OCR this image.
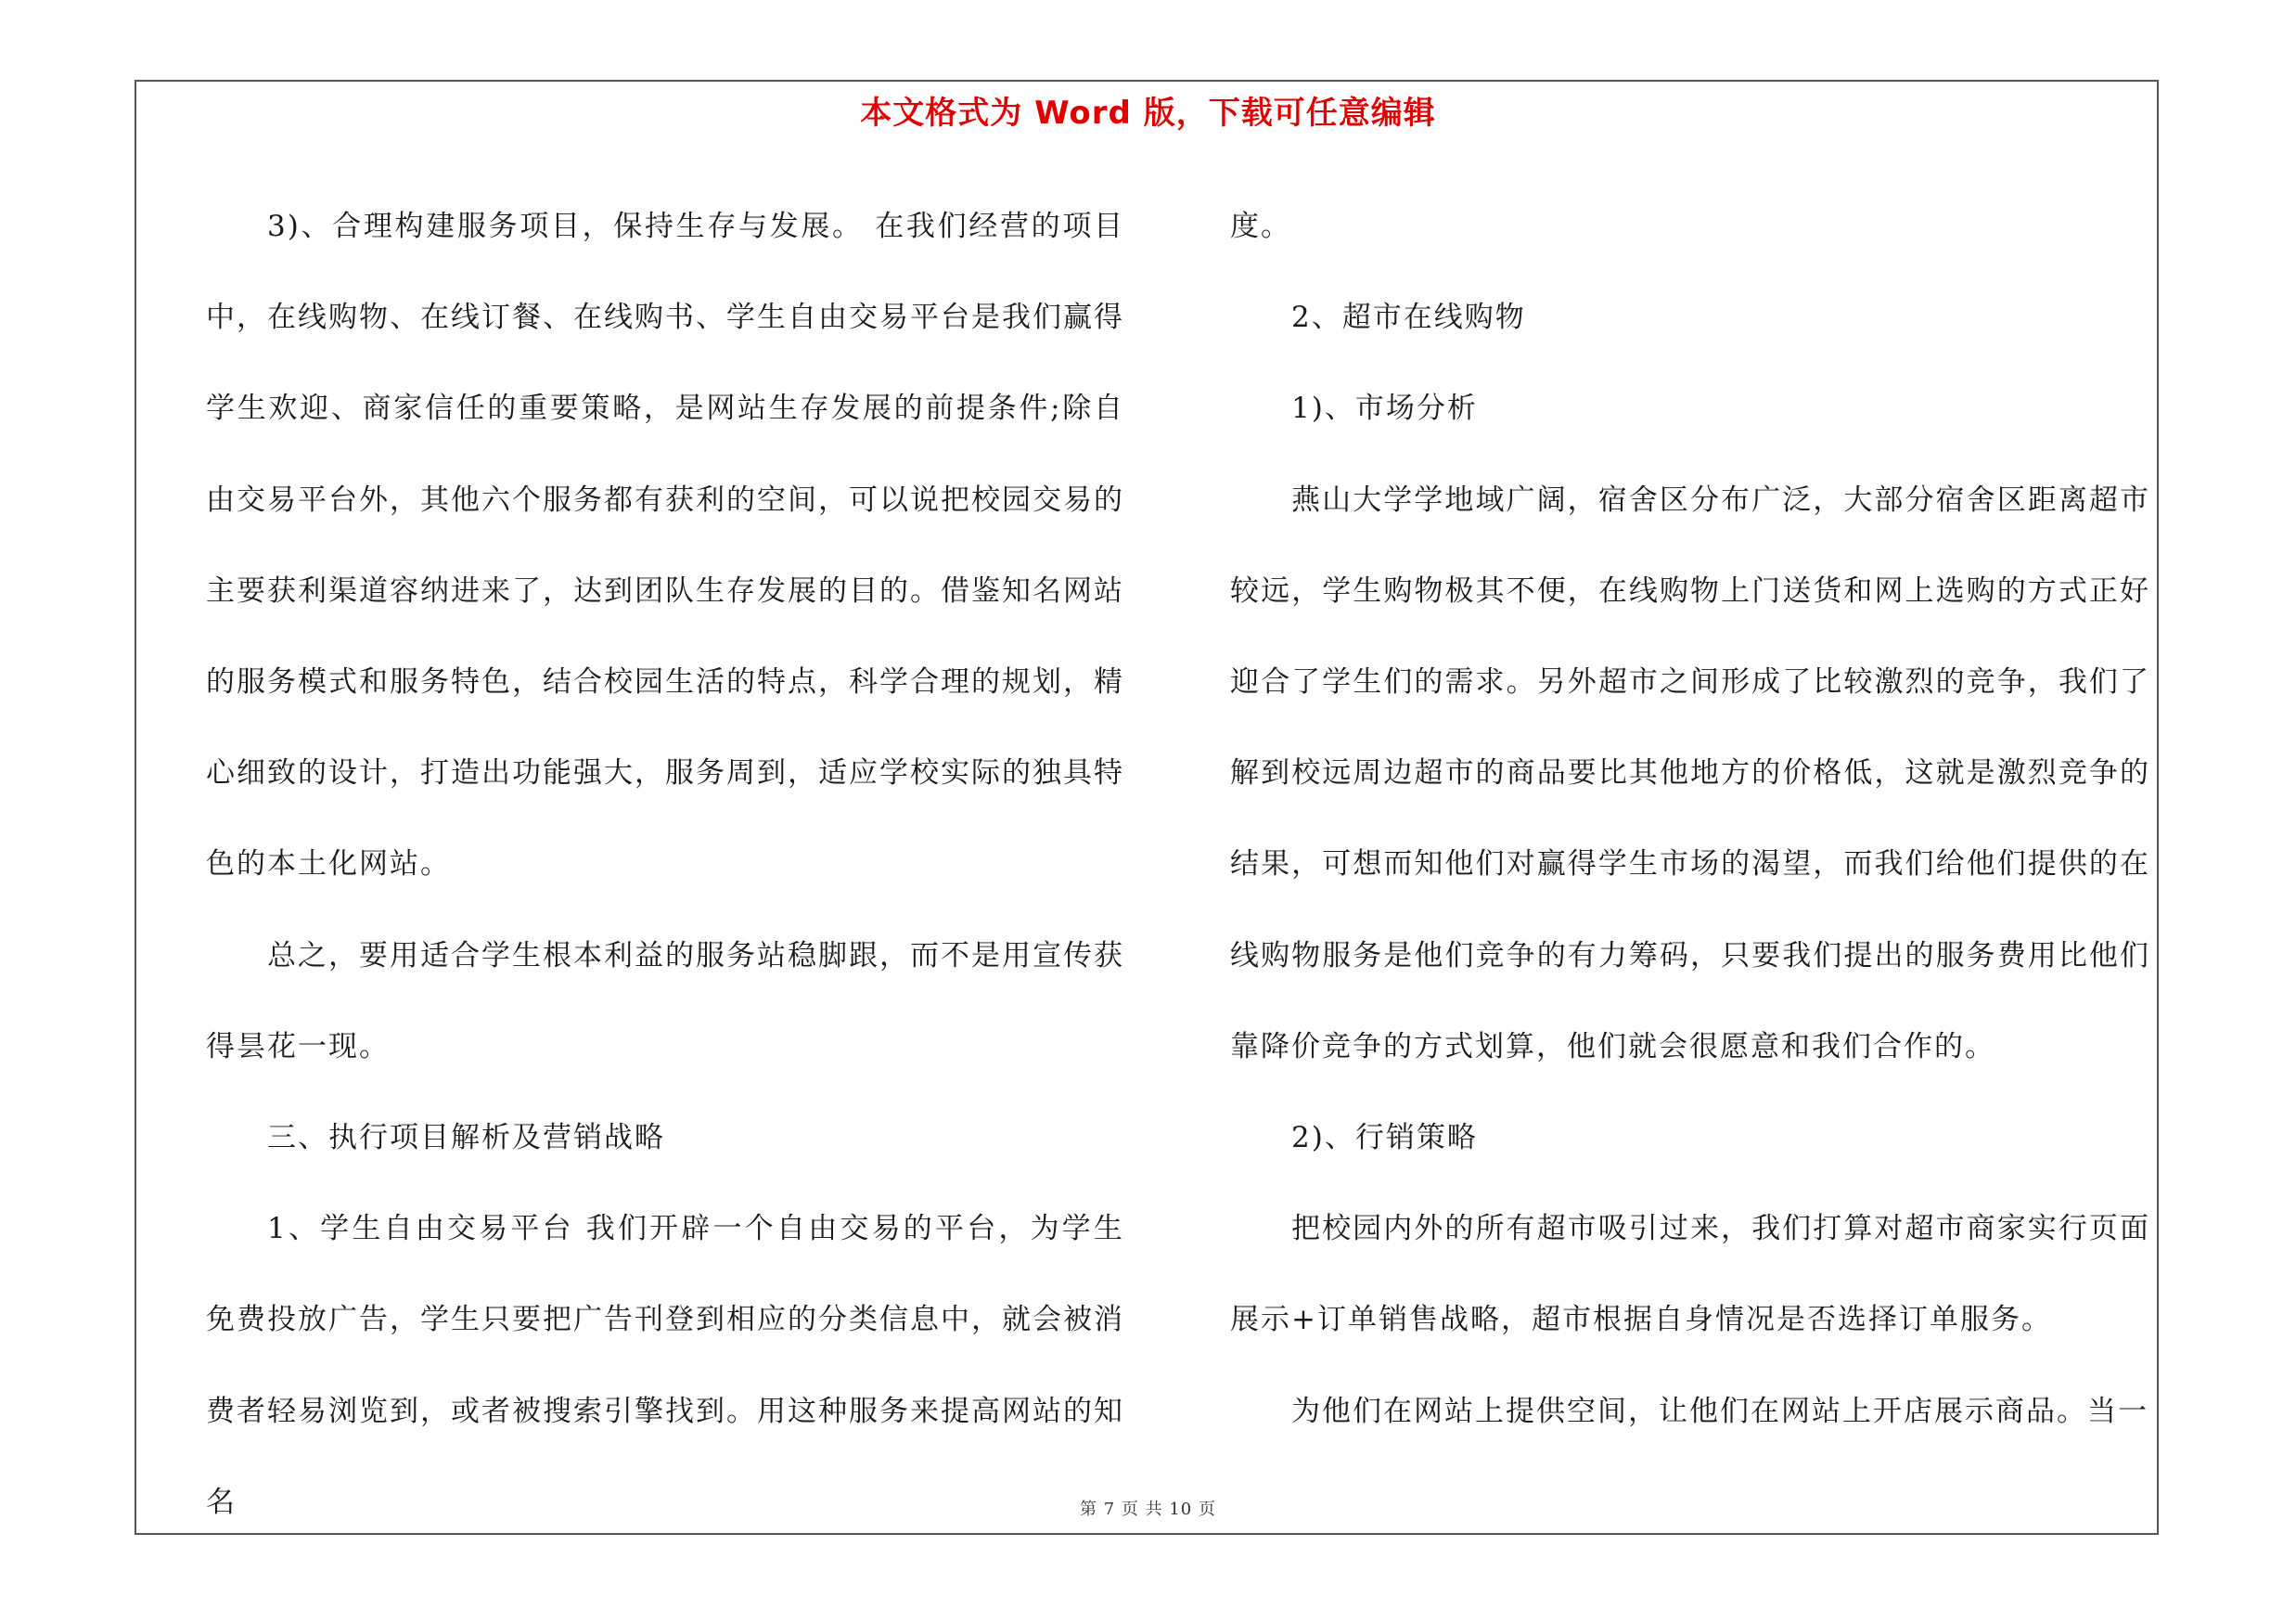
本文格式为 Word 版，下载可任意编辑

3)、合理构建服务项目，保持生存与发展。 在我们经营的项目中，在线购物、在线订餐、在线购书、学生自由交易平台是我们赢得学生欢迎、商家信任的重要策略，是网站生存发展的前提条件;除自由交易平台外，其他六个服务都有获利的空间，可以说把校园交易的主要获利渠道容纳进来了，达到团队生存发展的目的。借鉴知名网站的服务模式和服务特色，结合校园生活的特点，科学合理的规划，精心细致的设计，打造出功能强大，服务周到，适应学校实际的独具特色的本土化网站。

总之，要用适合学生根本利益的服务站稳脚跟，而不是用宣传获得昙花一现。

三、执行项目解析及营销战略

1、学生自由交易平台 我们开辟一个自由交易的平台，为学生免费投放广告，学生只要把广告刊登到相应的分类信息中，就会被消费者轻易浏览到，或者被搜索引擎找到。用这种服务来提高网站的知名

度。

2、超市在线购物

1)、市场分析

燕山大学学地域广阔，宿舍区分布广泛，大部分宿舍区距离超市较远，学生购物极其不便，在线购物上门送货和网上选购的方式正好迎合了学生们的需求。另外超市之间形成了比较激烈的竞争，我们了解到校远周边超市的商品要比其他地方的价格低，这就是激烈竞争的结果，可想而知他们对赢得学生市场的渴望，而我们给他们提供的在线购物服务是他们竞争的有力筹码，只要我们提出的服务费用比他们靠降价竞争的方式划算，他们就会很愿意和我们合作的。

2)、行销策略

把校园内外的所有超市吸引过来，我们打算对超市商家实行页面展示+订单销售战略，超市根据自身情况是否选择订单服务。

为他们在网站上提供空间，让他们在网站上开店展示商品。当一

第 7 页 共 10 页
